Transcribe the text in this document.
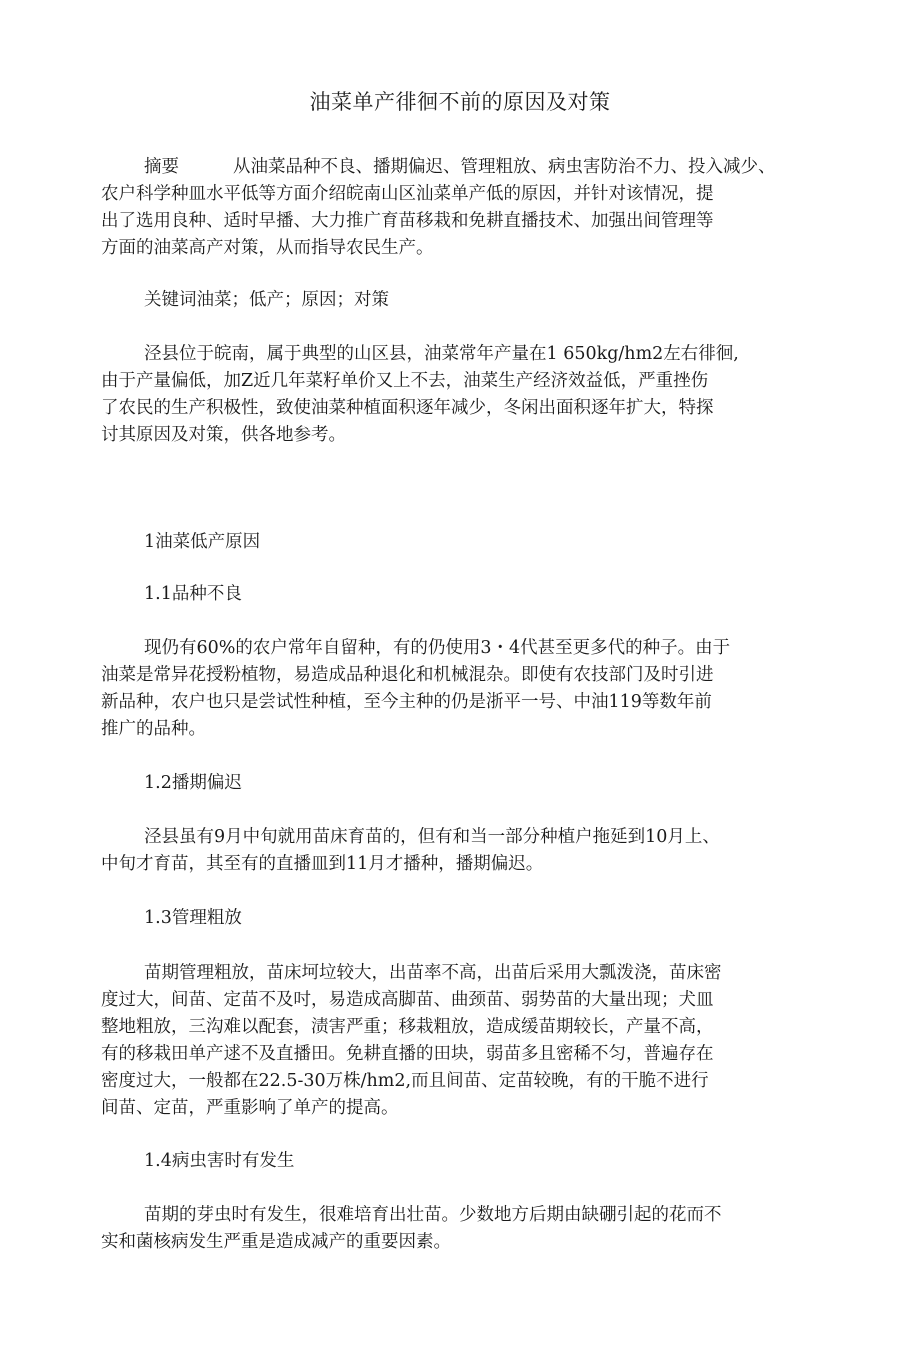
油菜单产徘徊不前的原因及对策
摘要	从油菜品种不良、播期偏迟、管理粗放、病虫害防治不力、投入减少、
农户科学种皿水平低等方面介绍皖南山区汕菜单产低的原因，并针对该情况，提
出了选用良种、适时早播、大力推广育苗移栽和免耕直播技术、加强出间管理等
方面的油菜高产对策，从而指导农民生产。
关键词油菜；低产；原因；对策
泾县位于皖南，属于典型的山区县，油菜常年产量在1 650kg/hm2左右徘徊,
由于产量偏低，加Z近几年菜籽单价又上不去，油菜生产经济效益低，严重挫伤
了农民的生产积极性，致使油菜种植面积逐年减少，冬闲出面积逐年扩大，特探
讨其原因及对策，供各地参考。
1油菜低产原因
1.1品种不良
现仍有60%的农户常年自留种，有的仍使用3・4代甚至更多代的种子。由于
油菜是常异花授粉植物，易造成品种退化和机械混杂。即使有农技部门及时引进
新品种，农户也只是尝试性种植，至今主种的仍是浙平一号、中油119等数年前
推广的品种。
1.2播期偏迟
泾县虽有9月中旬就用苗床育苗的，但有和当一部分种植户拖延到10月上、
中旬才育苗，其至有的直播皿到11月才播种，播期偏迟。
1.3管理粗放
苗期管理粗放，苗床坷垃较大，出苗率不高，出苗后采用大瓢泼浇，苗床密
度过大，间苗、定苗不及吋，易造成高脚苗、曲颈苗、弱势苗的大量出现；犬皿
整地粗放，三沟难以配套，渍害严重；移栽粗放，造成缓苗期较长，产量不高，
有的移栽田单产逑不及直播田。免耕直播的田块，弱苗多且密稀不匀，普遍存在
密度过大，一般都在22.5-30万株/hm2,而且间苗、定苗较晚，有的干脆不进行
间苗、定苗，严重影响了单产的提高。
1.4病虫害时有发生
苗期的芽虫时有发生，很难培育出壮苗。少数地方后期由缺硼引起的花而不
实和菌核病发生严重是造成减产的重要因素。
